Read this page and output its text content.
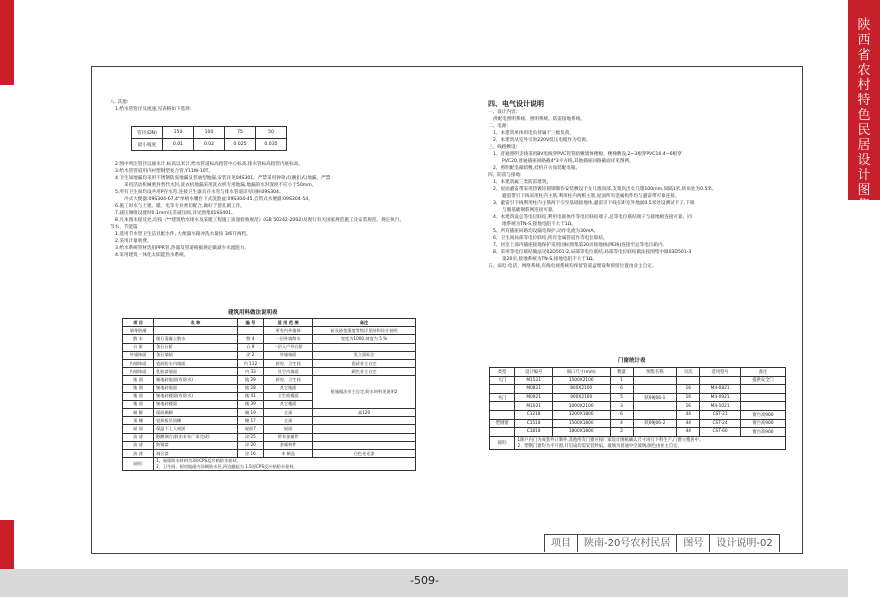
陕
西
省
农
村
特
色
民
居
设
计
图
集
八. 其他:
1.给水管管径及流速,见表格如下选择:
管径(DN)	150	100	75	50
最小坡度	0.01	0.02	0.025	0.035
2.图中所注管径以通水计,标高以米计,给水管道标高指管中心标高,排水管标高指管内底标高。
3.给水管管道用内衬塑钢塑复合管,Y11W-10T。
4.卫生间地漏均采用不锈钢防臭地漏及普通型地漏,安装详见04S301。严禁采用钟罩式(碗扣式)地漏。严禁
采用活动机械密封替代水封,洗衣机地漏采用洗衣机专用地漏,地漏的水封深度不应小于50mm。
5.所有卫生间均设共用P存水弯,连接卫生器具存水弯与排水管道详见国标09S304。
冷式大便器:09S304-67,4"单柄水嘴台下式洗脸盆:09S304-45,自带式水便器:09S304-54。
6.施工时水与土建、暖、电等专业密切配合,做好于留孔洞工作。
7.减压阀组设置时0.1mm压差减压阀,详见图集01SS401。
8.凡本图未提及处,均按《**建筑给水排水及采暖工程施工质量验收规范》(GB 50242-2002)及现行有关国家规范施工及安装规范、规定执行。
节水、节能篇
1.选用节水型卫生洁具配水件, 大便器水箱冲洗水量按 3/6升两档。
2.采用计量收费。
3.给水系统管材选用PPR管,热器及管道根据规定做减少水流阻力。
4.采用建筑一体化太阳能热水系统。
建筑用料做法说明表
项 目	名 称	编 号	适 用 范 围	备注
墙身防潮			所有内外墙体	砖及砂浆强度等级详见结构设计说明
散 水	细石混凝土散水	散 4	一层外墙散水	宽度为1000,坡度为 5 %
台 阶	条石台阶	台 9	一层入户外台阶	
外墙饰面	条石墙裙	涂 2	外墙墙面	见立面标注
内墙饰面	瓷砖防水内墙面	内 112	厨房、卫生间	瓷砖业主自定
内墙饰面	乳胶漆墙面	内 33	其它内墙面	颜色业主自定
地 面	铺地砖地面(有防水)	地 29	厨房、卫生间	排施做法业主自定,防水材料见说明2
地 面	铺地砖地面	地 28	其它地面	
楼 面	铺地砖楼面(有防水)	楼 41	卫生间楼面	
楼 面	铺地砖楼面	楼 39	其它楼面	
踢 脚	面砖踢脚	踢 19	全部	高120
顶 棚	铝扣板吊顶棚	棚 17	全部	
屋 面	保温不上人屋面	屋面7	屋面	
油 漆	醇酸调合漆(由专业厂家完成)	涂 25	所有金属件	
油 漆	防锈漆	涂 20	金属构件	
油 漆	调合漆	涂 16	木 制品	白色亮光漆
说明:	1、屋面防水材料为3厚CPS反应粘防水卷材。
2、卫生间、厨房地面内涂刷防水层,四边翻起为 1.5厚CPS反应粘防水卷材。			
四、电气设计说明
一、设计内容:
供配电照明系统、照明系统、防雷接地系统。
二、电源:
1、本建筑单体用电负荷属于三级负荷。
2、本建筑从室外引进220V低压电缆作为电源。
三、线路敷设:
1、普通照明支线采用BV电线穿PVC管管暗敷墙体楼板、楼梯敷设,2~3根穿PVC16,4~6根穿
PVC20,普通插座回路截4*3平方线,其他插座回路截面详见图例。
2、照明配电箱暗敷,挂机开关加装配电箱。
四、防雷与接地:
1、本建筑属三类防雷建筑。
2、屋面避雷带采用热镀锌圆钢制作安装敷设于女儿墙顶部,支架高出女儿墙100mm,间隔1米,转角处为0.5米。
避雷带引下线采用柱内主筋,利用柱内两根主筋,屋面所有金属构件均与避雷带可靠连接。
3、避雷引下线利用柱内主筋两下引至基础接地体,避雷引下线在距室外地面0.5米处设测试卡子,下端
与圈基础钢筋网连接可靠。
4、本建筑设总等电位联结,利用电联体作等电位联结端子,总等电位联结端子与接地极连接可靠。同
地系统为TN-S,接地电阻不大于1Ω。
5、所有插座回路均设漏电保护,动作电流为30mA。
6、卫生间局部等电位联结,所有金属管道作等电位联结。
7、居室上部内插座接地保护采用国标图集第20页接地线(PE线)连接至总等电位箱内。
8、采用等电位联结做法见02D501-2,局部等电位联结,局部等电位联结做法按图集中做03D501-3
第20页,接地系统为TN-S,接地电阻不大于1Ω。
五、弱电:电话、网络系统,有线电视系统均预留管道盒埋设和预留位置由业主自定。
门窗统计表
类型	设计编号	洞口尺寸(mm)	数量	图集名称	页次	选用型号	备注
大门	M1521	1500X2100	1				提供安全门
	M0821	800X2100	6		16	M4-0821	
木门	M0921	900X2100	5	陕09J06-1	16	M4-0921	
	M1021	1000X2100	3		16	M4-1021	
	C1218	1200X1800	6		44	CST-21	窗台高900
塑钢窗	C1518	1500X1800	4	陕09J06-2	44	CST-24	窗台高900
	C1818	1800X1800	2		44	CST-60	窗台高900
说明:	1除户内门为成套外订制外,其他所有门窗应按厂家设计图纸确认尺寸再行下料生产,门窗立樘居中。
2、塑钢门窗均为平开窗,开启扇均需安装纱扇。玻璃为普通中空玻璃,颜色由业主自定。						
项目	陕南-20号农村民居	图号	设计说明-02
-509-
